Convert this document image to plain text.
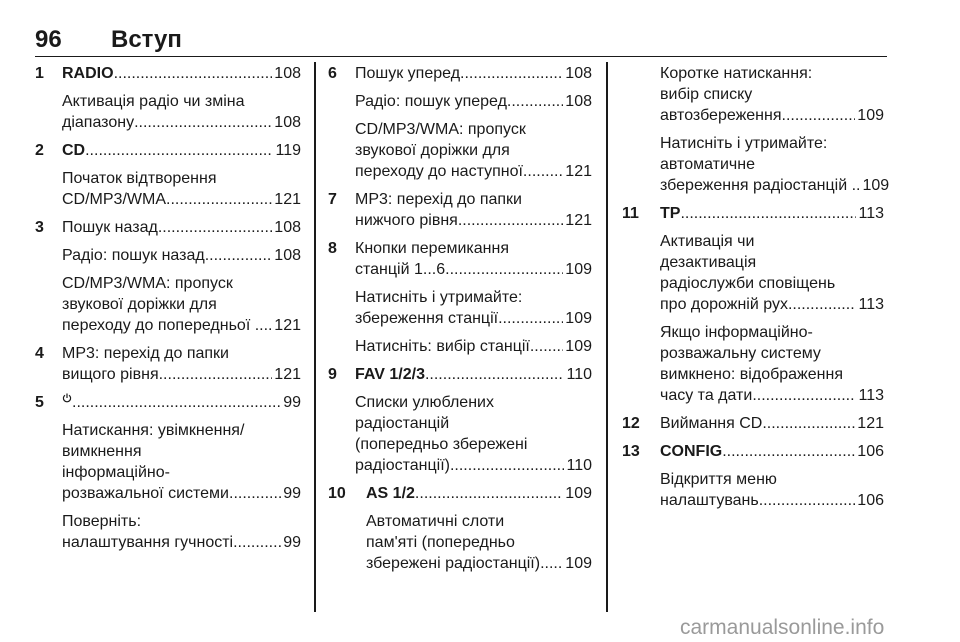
96 Вступ
1 RADIO .....	108
Активація радіо чи зміна
діапазону .....	108
2 CD .....	119
Початок відтворення
CD/MP3/WMA .....	121
3 Пошук назад .....	108
Радіо: пошук назад .....	108
CD/MP3/WMA: пропуск
звукової доріжки для
переходу до попередньої . ..... 121
4 MP3: перехід до папки
вищого рівня .....	121
5 .....	99
Натискання: увімкнення/
вимкнення
інформаційно-
розважальної системи .....	99
Поверніть:
налаштування гучності .....	99
6 Пошук уперед .....	108
Радіо: пошук уперед .....	108
CD/MP3/WMA: пропуск
звукової доріжки для
переходу до наступної .....	121
7 MP3: перехід до папки
нижчого рівня .....	121
8 Кнопки перемикання
станцій 1...6 .....	109
Натисніть і утримайте:
збереження станції .....	109
Натисніть: вибір станції ..... 109
9 FAV 1/2/3 .....	110
Списки улюблених
радіостанцій
(попередньо збережені
радіостанції) .....	110
10 AS 1/2 .....	109
Автоматичні слоти
пам'яті (попередньо
збережені радіостанції) ..... 109
Коротке натискання:
вибір списку
автозбереження .....	109
Натисніть і утримайте:
автоматичне
збереження радіостанцій .. 109
11 TP .....	113
Активація чи
дезактивація
радіослужби сповіщень
про дорожній рух .....	113
Якщо інформаційно-
розважальну систему
вимкнено: відображення
часу та дати .....	113
12 Виймання CD .....	121
13 CONFIG .....	106
Відкриття меню
налаштувань .....	106
carmanualsonline.info
